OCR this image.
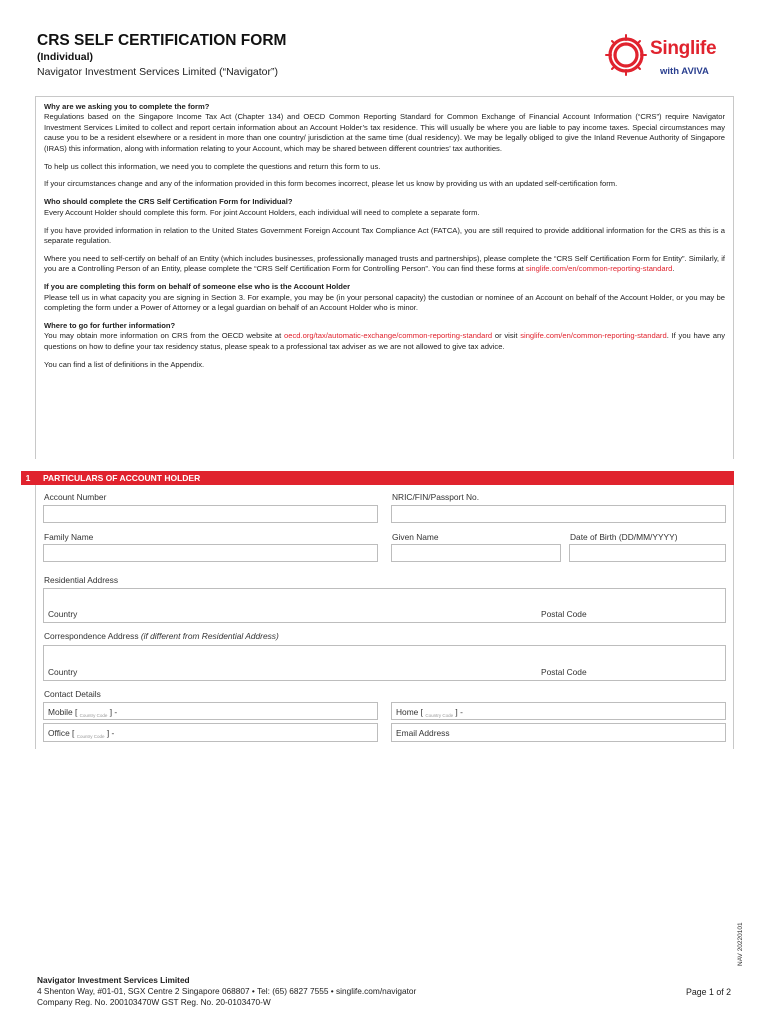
CRS SELF CERTIFICATION FORM
(Individual)
Navigator Investment Services Limited (“Navigator”)
Singlife
with AVIVA

Why are we asking you to complete the form?
Regulations based on the Singapore Income Tax Act (Chapter 134) and OECD Common Reporting Standard for Common Exchange of Financial Account Information (“CRS”) require Navigator Investment Services Limited to collect and report certain information about an Account Holder’s tax residence. This will usually be where you are liable to pay income taxes. Special circumstances may cause you to be a resident elsewhere or a resident in more than one country/ jurisdiction at the same time (dual residency). We may be legally obliged to give the Inland Revenue Authority of Singapore (IRAS) this information, along with information relating to your Account, which may be shared between different countries’ tax authorities.

To help us collect this information, we need you to complete the questions and return this form to us.

If your circumstances change and any of the information provided in this form becomes incorrect, please let us know by providing us with an updated self-certification form.

Who should complete the CRS Self Certification Form for Individual?
Every Account Holder should complete this form. For joint Account Holders, each individual will need to complete a separate form.

If you have provided information in relation to the United States Government Foreign Account Tax Compliance Act (FATCA), you are still required to provide additional information for the CRS as this is a separate regulation.

Where you need to self-certify on behalf of an Entity (which includes businesses, professionally managed trusts and partnerships), please complete the “CRS Self Certification Form for Entity”. Similarly, if you are a Controlling Person of an Entity, please complete the “CRS Self Certification Form for Controlling Person”. You can find these forms at singlife.com/en/common-reporting-standard.

If you are completing this form on behalf of someone else who is the Account Holder
Please tell us in what capacity you are signing in Section 3. For example, you may be (in your personal capacity) the custodian or nominee of an Account on behalf of the Account Holder, or you may be completing the form under a Power of Attorney or a legal guardian on behalf of an Account Holder who is minor.

Where to go for further information?
You may obtain more information on CRS from the OECD website at oecd.org/tax/automatic-exchange/common-reporting-standard or visit singlife.com/en/common-reporting-standard. If you have any questions on how to define your tax residency status, please speak to a professional tax adviser as we are not allowed to give tax advice.

You can find a list of definitions in the Appendix.

1	PARTICULARS OF ACCOUNT HOLDER
Account Number	NRIC/FIN/Passport No.
Family Name	Given Name	Date of Birth (DD/MM/YYYY)
Residential Address
Country	Postal Code
Correspondence Address (if different from Residential Address)
Country	Postal Code
Contact Details
Mobile [ $_{Country Code}$ ] -	Home [ $_{Country Code}$ ] -
Office [ $_{Country Code}$ ] -	Email Address
NAV 20220101
Navigator Investment Services Limited
4 Shenton Way, #01-01, SGX Centre 2 Singapore 068807 • Tel: (65) 6827 7555 • singlife.com/navigator
Company Reg. No. 200103470W GST Reg. No. 20-0103470-W
Page 1 of 2
